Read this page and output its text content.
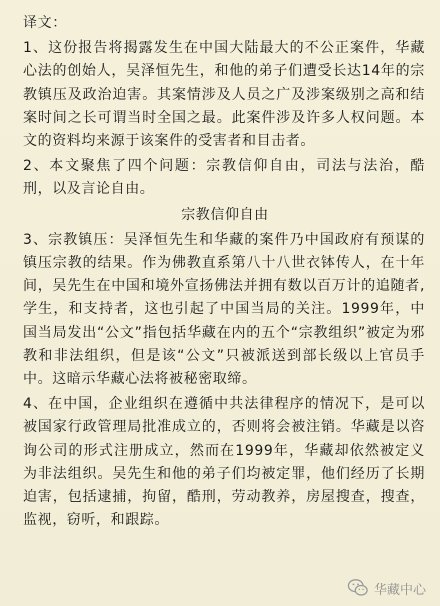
译文：

1、这份报告将揭露发生在中国大陆最大的不公正案件，华藏心法的创始人，吴泽恒先生，和他的弟子们遭受长达14年的宗教镇压及政治迫害。其案情涉及人员之广及涉案级别之高和结案时间之长可谓当时全国之最。此案件涉及许多人权问题。本文的资料均来源于该案件的受害者和目击者。

2、本文聚焦了四个问题：宗教信仰自由，司法与法治，酷刑，以及言论自由。

宗教信仰自由

3、宗教镇压：吴泽恒先生和华藏的案件乃中国政府有预谋的镇压宗教的结果。作为佛教直系第八十八世衣钵传人，在十年间，吴先生在中国和境外宣扬佛法并拥有数以百万计的追随者,学生，和支持者，这也引起了中国当局的关注。1999年，中国当局发出“公文”指包括华藏在内的五个“宗教组织”被定为邪教和非法组织，但是该“公文”只被派送到部长级以上官员手中。这暗示华藏心法将被秘密取缔。

4、在中国，企业组织在遵循中共法律程序的情况下，是可以被国家行政管理局批准成立的，否则将会被注销。华藏是以咨询公司的形式注册成立，然而在1999年，华藏却依然被定义为非法组织。吴先生和他的弟子们均被定罪，他们经历了长期迫害，包括逮捕，拘留，酷刑，劳动教养，房屋搜查，搜查，监视，窃听，和跟踪。

华藏中心
